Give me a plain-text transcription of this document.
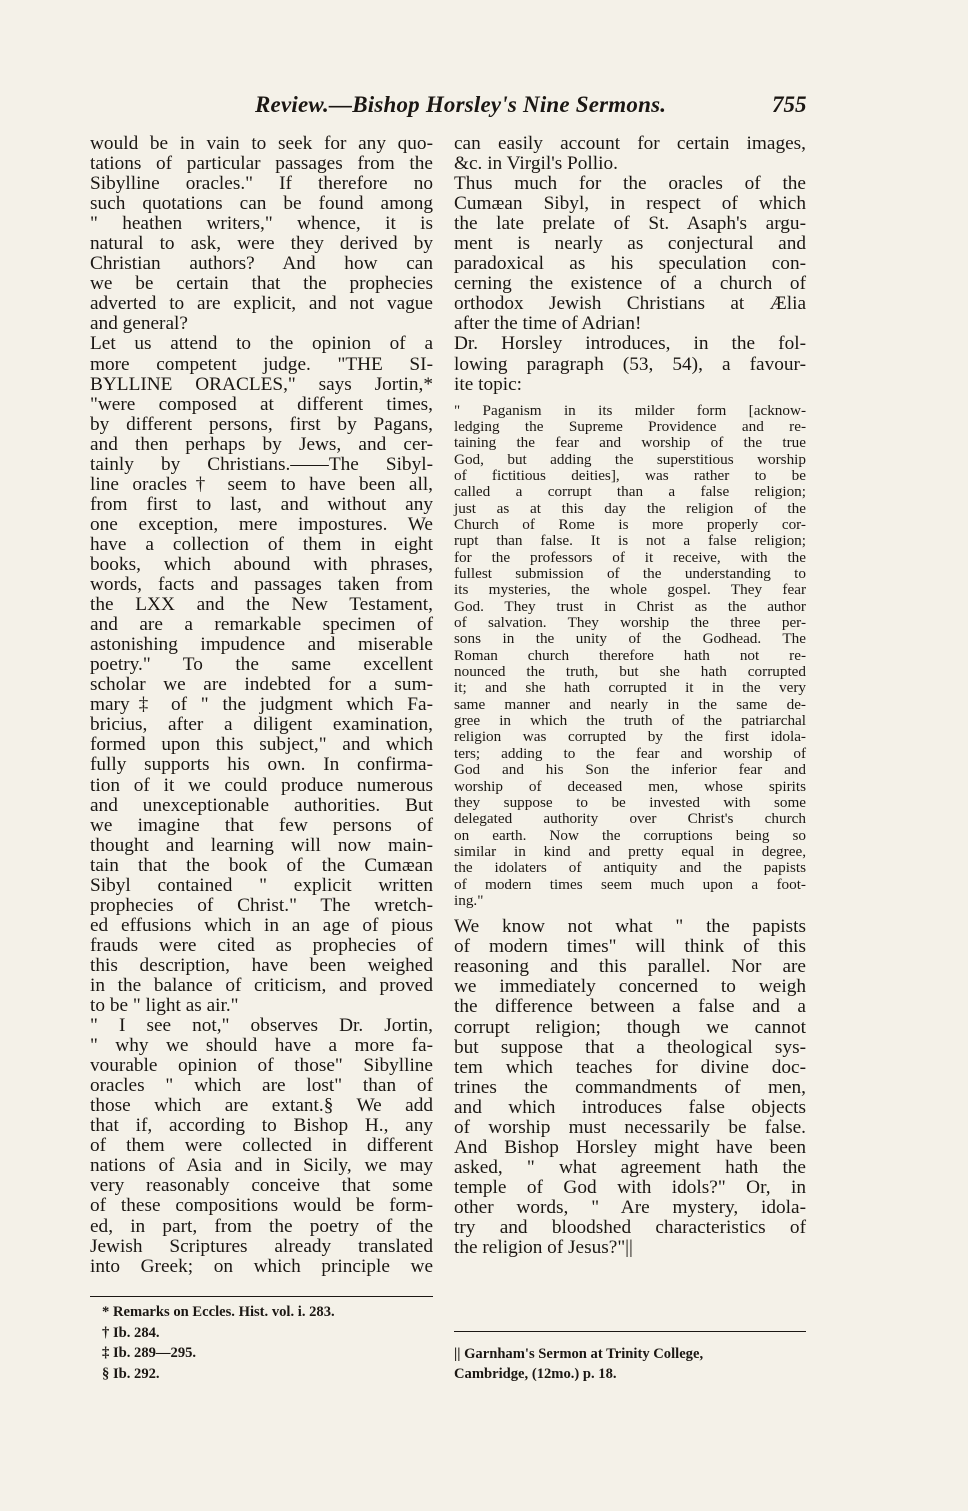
Review.—Bishop Horsley's Nine Sermons.	755
would be in vain to seek for any quo-
tations of particular passages from the
Sibylline oracles." If therefore no
such quotations can be found among
" heathen writers," whence, it is
natural to ask, were they derived by
Christian authors? And how can
we be certain that the prophecies
adverted to are explicit, and not vague
and general?
Let us attend to the opinion of a
more competent judge. "THE SI-
BYLLINE ORACLES," says Jortin,*
"were composed at different times,
by different persons, first by Pagans,
and then perhaps by Jews, and cer-
tainly by Christians.——The Sibyl-
line oracles† seem to have been all,
from first to last, and without any
one exception, mere impostures. We
have a collection of them in eight
books, which abound with phrases,
words, facts and passages taken from
the LXX and the New Testament,
and are a remarkable specimen of
astonishing impudence and miserable
poetry." To the same excellent
scholar we are indebted for a sum-
mary‡ of " the judgment which Fa-
bricius, after a diligent examination,
formed upon this subject," and which
fully supports his own. In confirma-
tion of it we could produce numerous
and unexceptionable authorities. But
we imagine that few persons of
thought and learning will now main-
tain that the book of the Cumæan
Sibyl contained " explicit written
prophecies of Christ." The wretch-
ed effusions which in an age of pious
frauds were cited as prophecies of
this description, have been weighed
in the balance of criticism, and proved
to be " light as air."
" I see not," observes Dr. Jortin,
" why we should have a more fa-
vourable opinion of those" Sibylline
oracles " which are lost" than of
those which are extant.§ We add
that if, according to Bishop H., any
of them were collected in different
nations of Asia and in Sicily, we may
very reasonably conceive that some
of these compositions would be form-
ed, in part, from the poetry of the
Jewish Scriptures already translated
into Greek; on which principle we
can easily account for certain images,
&c. in Virgil's Pollio.
Thus much for the oracles of the
Cumæan Sibyl, in respect of which
the late prelate of St. Asaph's argu-
ment is nearly as conjectural and
paradoxical as his speculation con-
cerning the existence of a church of
orthodox Jewish Christians at Ælia
after the time of Adrian!
Dr. Horsley introduces, in the fol-
lowing paragraph (53, 54), a favour-
ite topic:
" Paganism in its milder form [acknow-
ledging the Supreme Providence and re-
taining the fear and worship of the true
God, but adding the superstitious worship
of fictitious deities], was rather to be
called a corrupt than a false religion;
just as at this day the religion of the
Church of Rome is more properly cor-
rupt than false. It is not a false religion;
for the professors of it receive, with the
fullest submission of the understanding to
its mysteries, the whole gospel. They fear
God. They trust in Christ as the author
of salvation. They worship the three per-
sons in the unity of the Godhead. The
Roman church therefore hath not re-
nounced the truth, but she hath corrupted
it; and she hath corrupted it in the very
same manner and nearly in the same de-
gree in which the truth of the patriarchal
religion was corrupted by the first idola-
ters; adding to the fear and worship of
God and his Son the inferior fear and
worship of deceased men, whose spirits
they suppose to be invested with some
delegated authority over Christ's church
on earth. Now the corruptions being so
similar in kind and pretty equal in degree,
the idolaters of antiquity and the papists
of modern times seem much upon a foot-
ing."
We know not what " the papists
of modern times" will think of this
reasoning and this parallel. Nor are
we immediately concerned to weigh
the difference between a false and a
corrupt religion; though we cannot
but suppose that a theological sys-
tem which teaches for divine doc-
trines the commandments of men,
and which introduces false objects
of worship must necessarily be false.
And Bishop Horsley might have been
asked, " what agreement hath the
temple of God with idols?" Or, in
other words, " Are mystery, idola-
try and bloodshed characteristics of
the religion of Jesus?"||
* Remarks on Eccles. Hist. vol. i. 283.
† Ib. 284.
‡ Ib. 289—295.
§ Ib. 292.
|| Garnham's Sermon at Trinity College,
Cambridge, (12mo.) p. 18.
